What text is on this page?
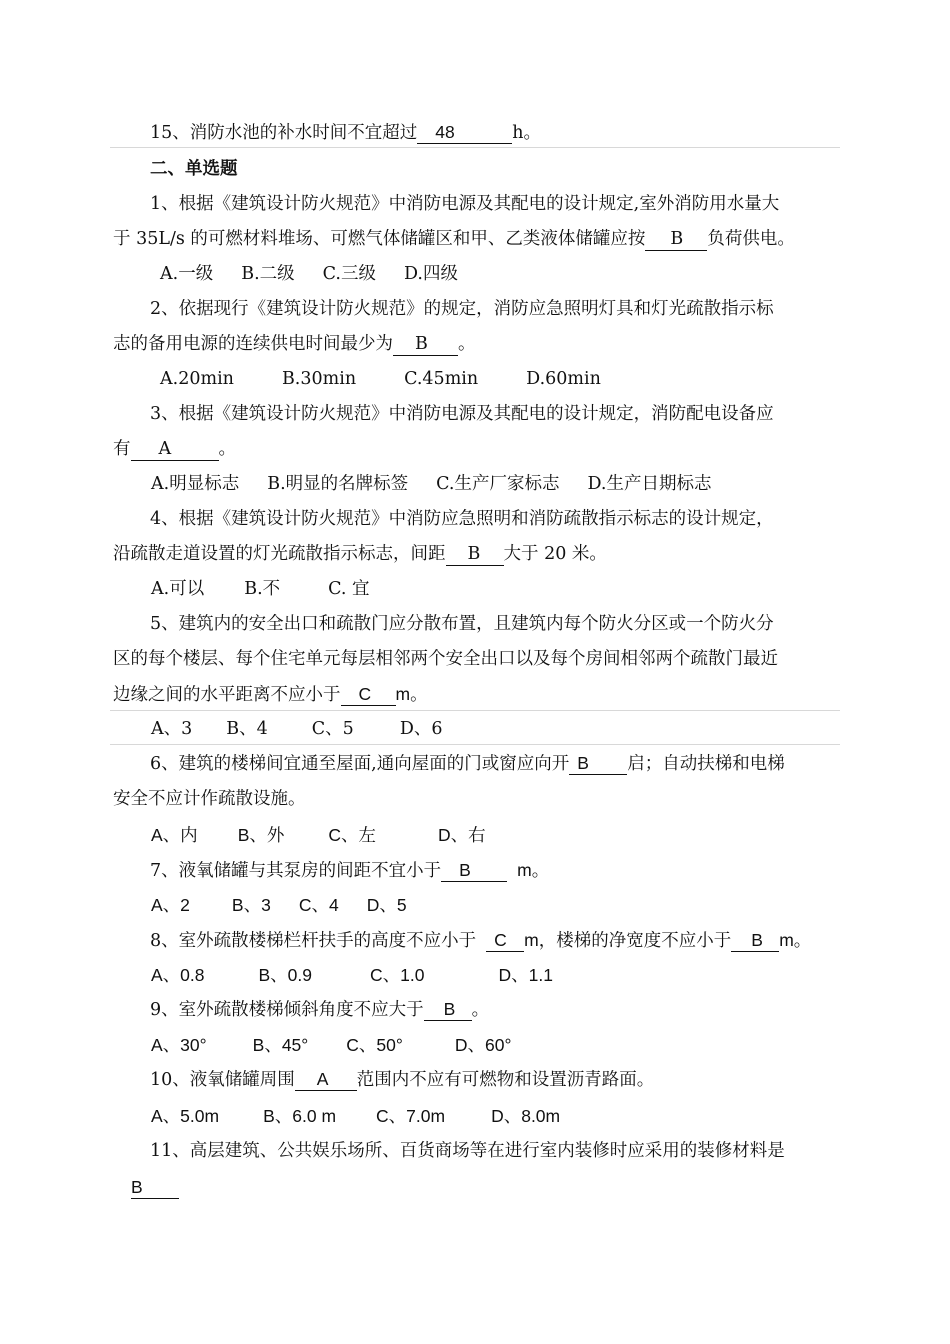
15、消防水池的补水时间不宜超过 48	h。
二、单选题
1、根据《建筑设计防火规范》中消防电源及其配电的设计规定,室外消防用水量大
于 35L/s 的可燃材料堆场、可燃气体储罐区和甲、乙类液体储罐应按 B 负荷供电。
A.一级 B.二级 C.三级 D.四级
2、依据现行《建筑设计防火规范》的规定，消防应急照明灯具和灯光疏散指示标
志的备用电源的连续供电时间最少为 B 。
A.20min	B.30min	C.45min	D.60min
3、根据《建筑设计防火规范》中消防电源及其配电的设计规定，消防配电设备应
有 A	。
A.明显标志 B.明显的名牌标签 C.生产厂家标志 D.生产日期标志
4、根据《建筑设计防火规范》中消防应急照明和消防疏散指示标志的设计规定，
沿疏散走道设置的灯光疏散指示标志，间距 B 大于 20 米。
A.可以 B.不	C. 宜
5、建筑内的安全出口和疏散门应分散布置，且建筑内每个防火分区或一个防火分
区的每个楼层、每个住宅单元每层相邻两个安全出口以及每个房间相邻两个疏散门最近
边缘之间的水平距离不应小于 C m。
A、3 B、4	C、5	D、6
6、建筑的楼梯间宜通至屋面,通向屋面的门或窗应向开 B 启；自动扶梯和电梯
安全不应计作疏散设施。
A、内 B、外	C、左	D、右
7、液氧储罐与其泵房的间距不宜小于 B	m。
A、2 B、3 C、4 D、5
8、室外疏散楼梯栏杆扶手的高度不应小于 C m，楼梯的净宽度不应小于 B m。
A、0.8	B、0.9	C、1.0	D、1.1
9、室外疏散楼梯倾斜角度不应大于 B 。
A、30°	B、45° C、50°	D、60°
10、液氧储罐周围 A 范围内不应有可燃物和设置沥青路面。
A、5.0m	B、6.0 m C、7.0m	D、8.0m
11、高层建筑、公共娱乐场所、百货商场等在进行室内装修时应采用的装修材料是
B
